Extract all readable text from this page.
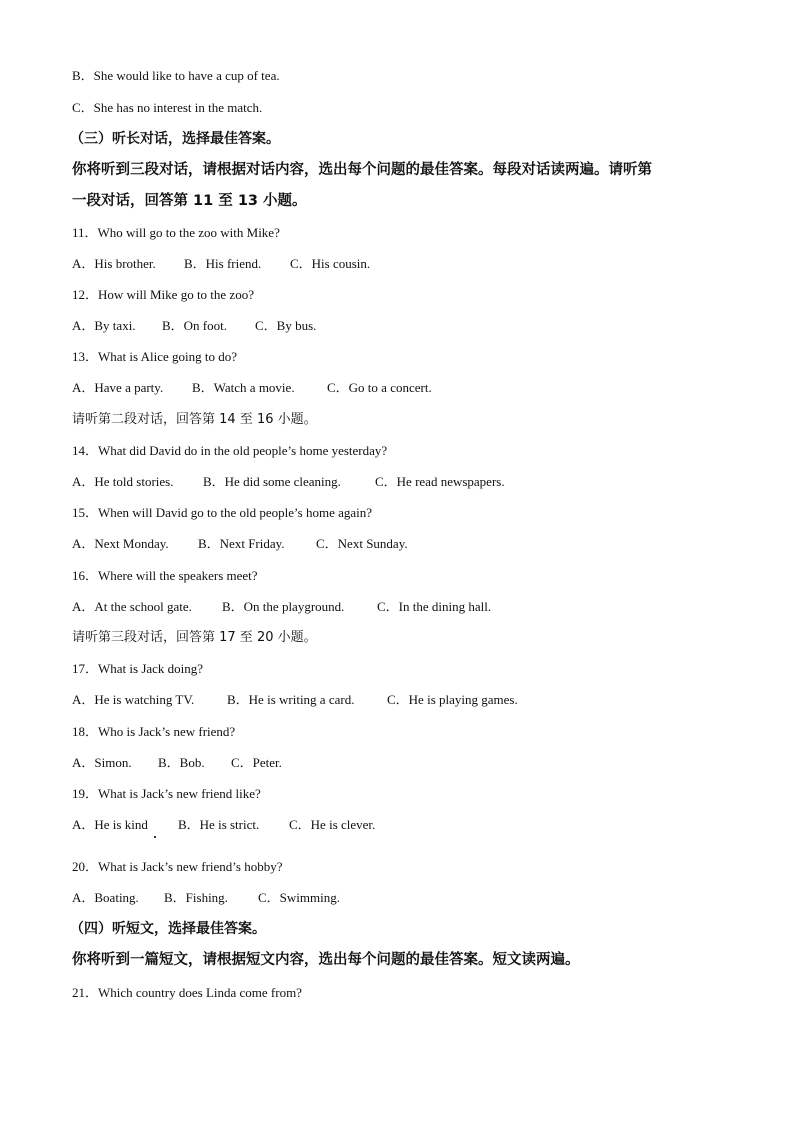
B．She would like to have a cup of tea.
C．She has no interest in the match.
（三）听长对话，选择最佳答案。
你将听到三段对话，请根据对话内容，选出每个问题的最佳答案。每段对话读两遍。请听第
一段对话，回答第 11 至 13 小题。
11．Who will go to the zoo with Mike?
A．His brother. B．His friend. C．His cousin.
12．How will Mike go to the zoo?
A．By taxi. B．On foot. C．By bus.
13．What is Alice going to do?
A．Have a party. B．Watch a movie. C．Go to a concert.
请听第二段对话，回答第 14 至 16 小题。
14．What did David do in the old people’s home yesterday?
A．He told stories. B．He did some cleaning.	C．He read newspapers.
15．When will David go to the old people’s home again?
A．Next Monday. B．Next Friday. C．Next Sunday.
16．Where will the speakers meet?
A．At the school gate. B．On the playground.	C．In the dining hall.
请听第三段对话，回答第 17 至 20 小题。
17．What is Jack doing?
A．He is watching TV.	B．He is writing a card.	C．He is playing games.
18．Who is Jack’s new friend?
A．Simon. B．Bob. C．Peter.
19．What is Jack’s new friend like?
A．He is kind B．He is strict. C．He is clever.
20．What is Jack’s new friend’s hobby?
A．Boating. B．Fishing. C．Swimming.
（四）听短文，选择最佳答案。
你将听到一篇短文，请根据短文内容，选出每个问题的最佳答案。短文读两遍。
21．Which country does Linda come from?
